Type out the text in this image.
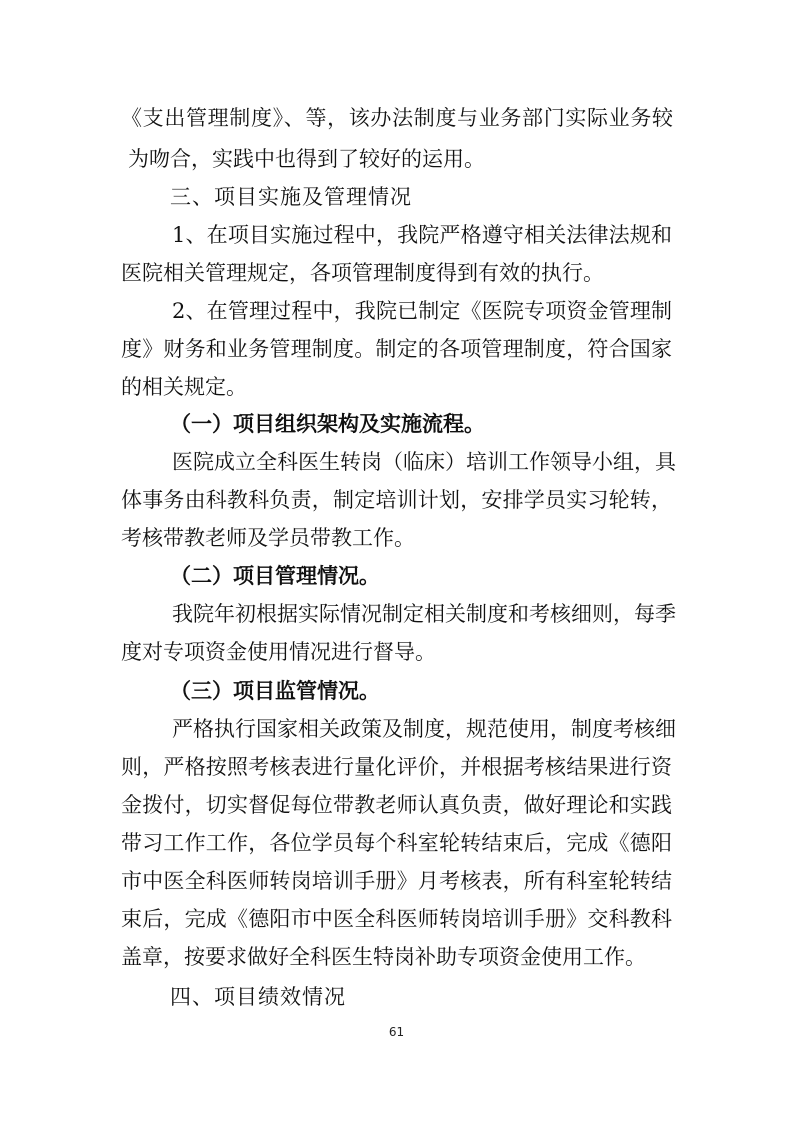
《支出管理制度》、等，该办法制度与业务部门实际业务较

为吻合，实践中也得到了较好的运用。

三、项目实施及管理情况

1、在项目实施过程中，我院严格遵守相关法律法规和

医院相关管理规定，各项管理制度得到有效的执行。

2、在管理过程中，我院已制定《医院专项资金管理制

度》财务和业务管理制度。制定的各项管理制度，符合国家

的相关规定。

（一）项目组织架构及实施流程。

医院成立全科医生转岗（临床）培训工作领导小组，具

体事务由科教科负责，制定培训计划，安排学员实习轮转，

考核带教老师及学员带教工作。

（二）项目管理情况。

我院年初根据实际情况制定相关制度和考核细则，每季

度对专项资金使用情况进行督导。

（三）项目监管情况。

严格执行国家相关政策及制度，规范使用，制度考核细

则，严格按照考核表进行量化评价，并根据考核结果进行资

金拨付，切实督促每位带教老师认真负责，做好理论和实践

带习工作工作，各位学员每个科室轮转结束后，完成《德阳

市中医全科医师转岗培训手册》月考核表，所有科室轮转结

束后，完成《德阳市中医全科医师转岗培训手册》交科教科

盖章，按要求做好全科医生特岗补助专项资金使用工作。

四、项目绩效情况

61
